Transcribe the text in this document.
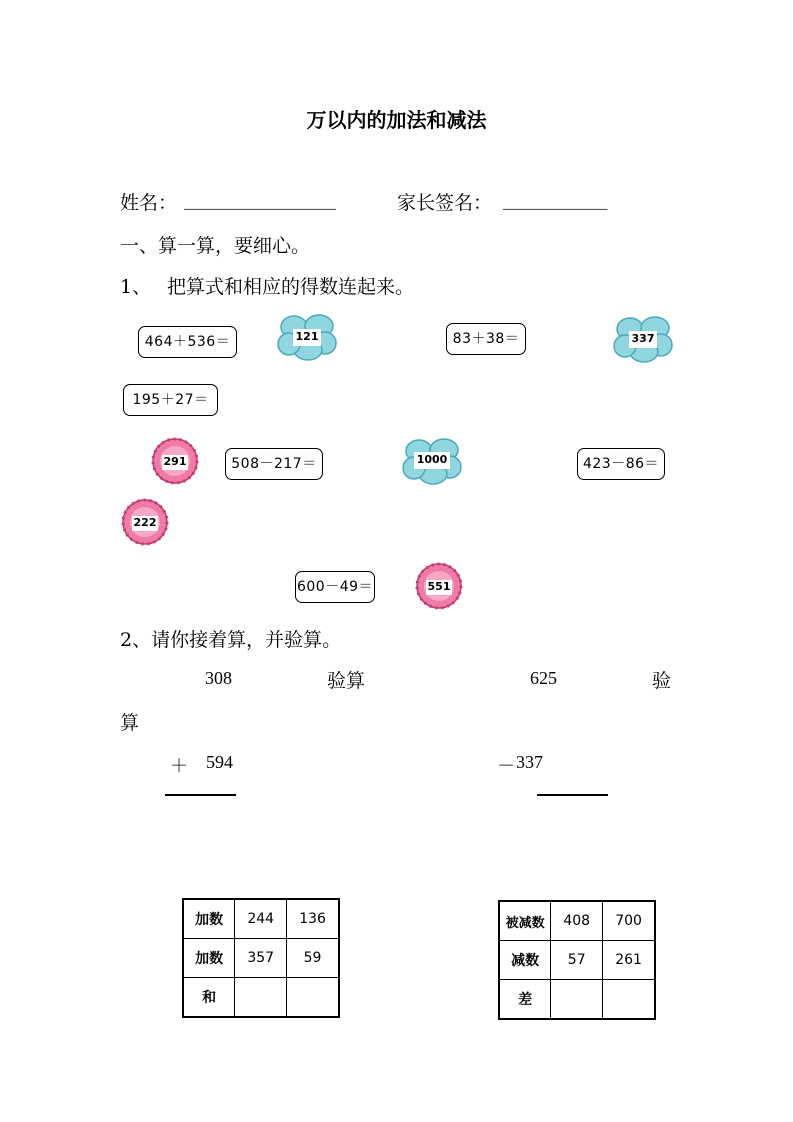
万以内的加法和减法
姓名： ________________	家长签名： ___________
一、算一算，要细心。
1、 把算式和相应的得数连起来。
464＋536＝	83＋38＝
195＋27＝
508－217＝	423－86＝
600－49＝
121	337
1000
291
222
551
2、请你接着算，并验算。
308	验算	625	验
算
＋ 594	－ 337
加数	244	136
加数	357	59
和		
被减数	408	700
减数	57	261
差		
